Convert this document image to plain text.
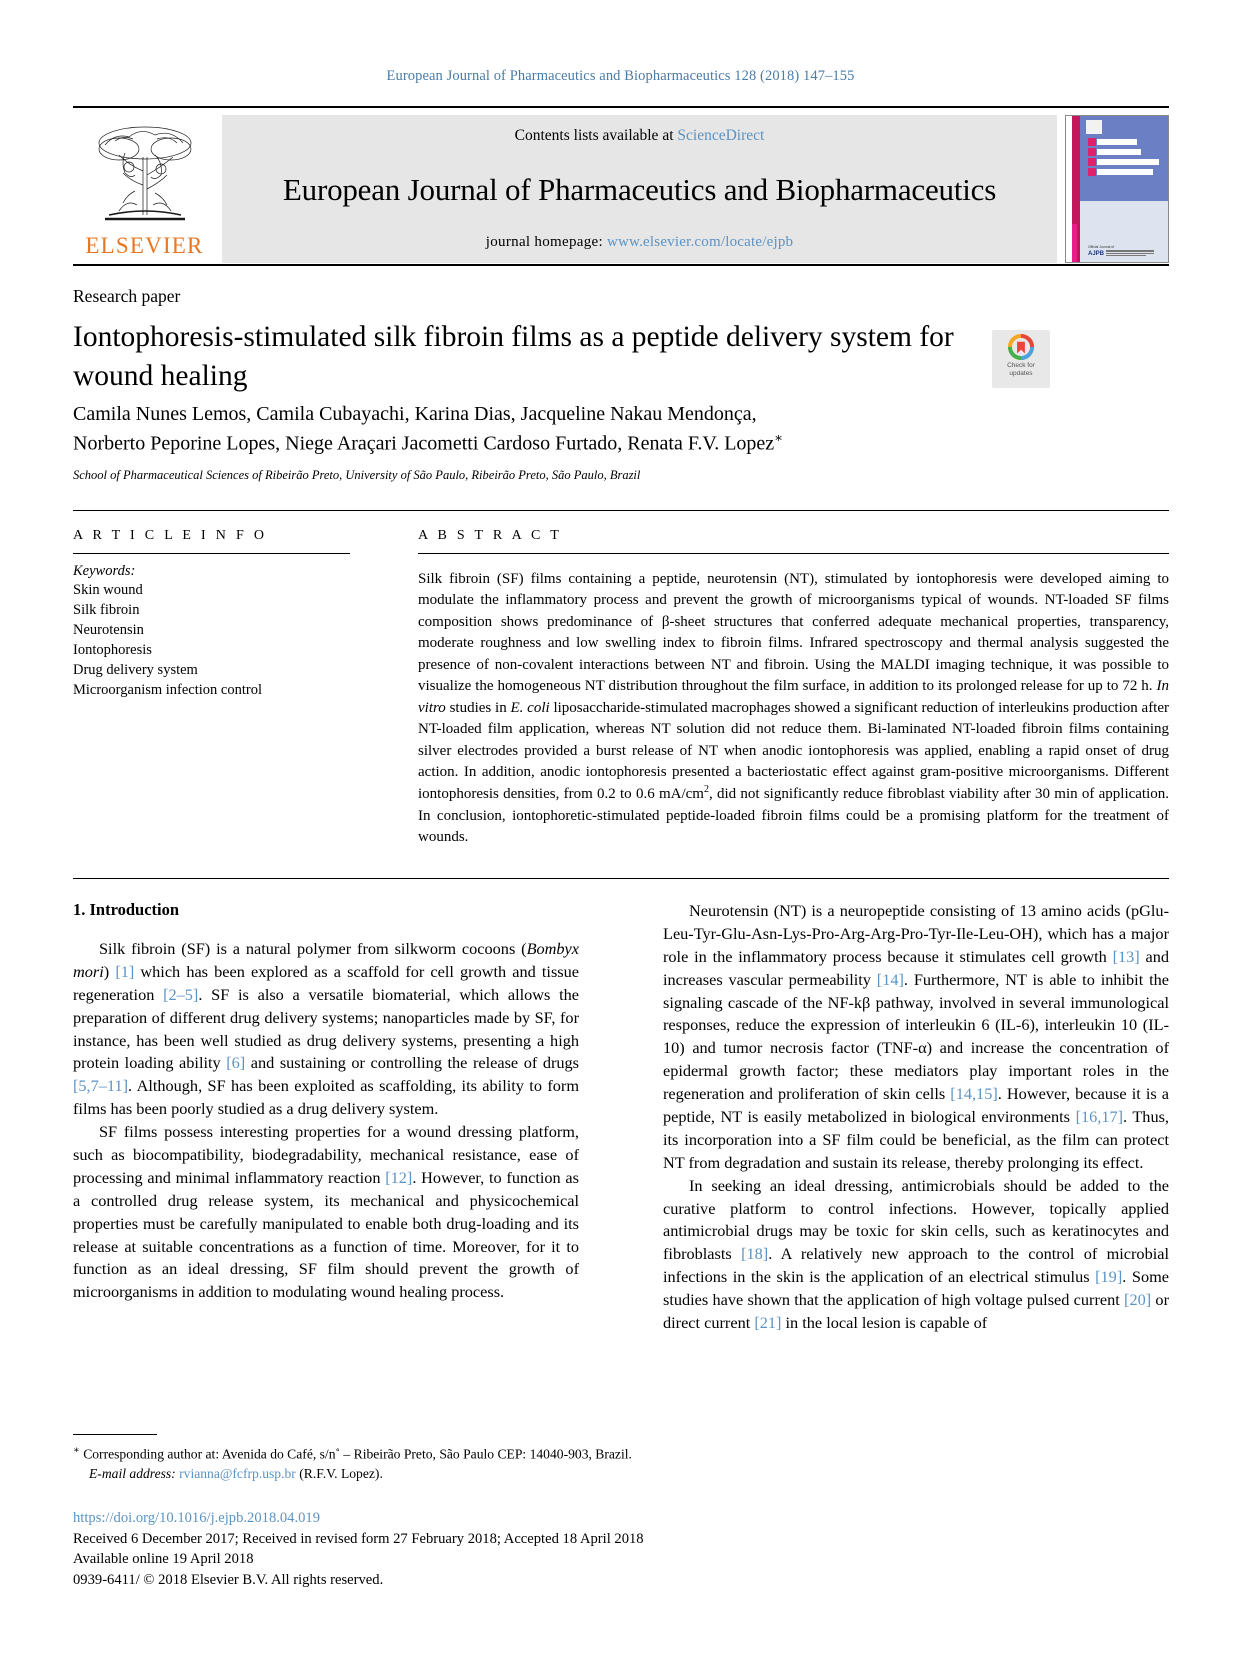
European Journal of Pharmaceutics and Biopharmaceutics 128 (2018) 147–155
ELSEVIER
Contents lists available at ScienceDirect
European Journal of Pharmaceutics and Biopharmaceutics
journal homepage: www.elsevier.com/locate/ejpb	Official Journal of
AJPB
Research paper
Iontophoresis-stimulated silk fibroin films as a peptide delivery system for wound healing	Check for
updates
Camila Nunes Lemos, Camila Cubayachi, Karina Dias, Jacqueline Nakau Mendonça,
Norberto Peporine Lopes, Niege Araçari Jacometti Cardoso Furtado, Renata F.V. Lopez∗
School of Pharmaceutical Sciences of Ribeirão Preto, University of São Paulo, Ribeirão Preto, São Paulo, Brazil
A R T I C L E I N F O
Keywords:
Skin wound
Silk fibroin
Neurotensin
Iontophoresis
Drug delivery system
Microorganism infection control
A B S T R A C T

Silk fibroin (SF) films containing a peptide, neurotensin (NT), stimulated by iontophoresis were developed aiming to modulate the inflammatory process and prevent the growth of microorganisms typical of wounds. NT-loaded SF films composition shows predominance of β-sheet structures that conferred adequate mechanical properties, transparency, moderate roughness and low swelling index to fibroin films. Infrared spectroscopy and thermal analysis suggested the presence of non-covalent interactions between NT and fibroin. Using the MALDI imaging technique, it was possible to visualize the homogeneous NT distribution throughout the film surface, in addition to its prolonged release for up to 72 h. In vitro studies in E. coli liposaccharide-stimulated macrophages showed a significant reduction of interleukins production after NT-loaded film application, whereas NT solution did not reduce them. Bi-laminated NT-loaded fibroin films containing silver electrodes provided a burst release of NT when anodic iontophoresis was applied, enabling a rapid onset of drug action. In addition, anodic iontophoresis presented a bacteriostatic effect against gram-positive microorganisms. Different iontophoresis densities, from 0.2 to 0.6 $mA/cm^2$, did not significantly reduce fibroblast viability after 30 min of application. In conclusion, iontophoretic-stimulated peptide-loaded fibroin films could be a promising platform for the treatment of wounds.

1. Introduction

Silk fibroin (SF) is a natural polymer from silkworm cocoons (Bombyx mori) [1] which has been explored as a scaffold for cell growth and tissue regeneration [2–5]. SF is also a versatile biomaterial, which allows the preparation of different drug delivery systems; nanoparticles made by SF, for instance, has been well studied as drug delivery systems, presenting a high protein loading ability [6] and sustaining or controlling the release of drugs [5,7–11]. Although, SF has been exploited as scaffolding, its ability to form films has been poorly studied as a drug delivery system.

SF films possess interesting properties for a wound dressing platform, such as biocompatibility, biodegradability, mechanical resistance, ease of processing and minimal inflammatory reaction [12]. However, to function as a controlled drug release system, its mechanical and physicochemical properties must be carefully manipulated to enable both drug-loading and its release at suitable concentrations as a function of time. Moreover, for it to function as an ideal dressing, SF film should prevent the growth of microorganisms in addition to modulating wound healing process.

Neurotensin (NT) is a neuropeptide consisting of 13 amino acids (pGlu-Leu-Tyr-Glu-Asn-Lys-Pro-Arg-Arg-Pro-Tyr-Ile-Leu-OH), which has a major role in the inflammatory process because it stimulates cell growth [13] and increases vascular permeability [14]. Furthermore, NT is able to inhibit the signaling cascade of the NF-kβ pathway, involved in several immunological responses, reduce the expression of interleukin 6 (IL-6), interleukin 10 (IL-10) and tumor necrosis factor (TNF-α) and increase the concentration of epidermal growth factor; these mediators play important roles in the regeneration and proliferation of skin cells [14,15]. However, because it is a peptide, NT is easily metabolized in biological environments [16,17]. Thus, its incorporation into a SF film could be beneficial, as the film can protect NT from degradation and sustain its release, thereby prolonging its effect.

In seeking an ideal dressing, antimicrobials should be added to the curative platform to control infections. However, topically applied antimicrobial drugs may be toxic for skin cells, such as keratinocytes and fibroblasts [18]. A relatively new approach to the control of microbial infections in the skin is the application of an electrical stimulus [19]. Some studies have shown that the application of high voltage pulsed current [20] or direct current [21] in the local lesion is capable of

∗ Corresponding author at: Avenida do Café, s/n˚ – Ribeirão Preto, São Paulo CEP: 14040-903, Brazil.
E-mail address: rvianna@fcfrp.usp.br (R.F.V. Lopez).
https://doi.org/10.1016/j.ejpb.2018.04.019
Received 6 December 2017; Received in revised form 27 February 2018; Accepted 18 April 2018
Available online 19 April 2018
0939-6411/ © 2018 Elsevier B.V. All rights reserved.
